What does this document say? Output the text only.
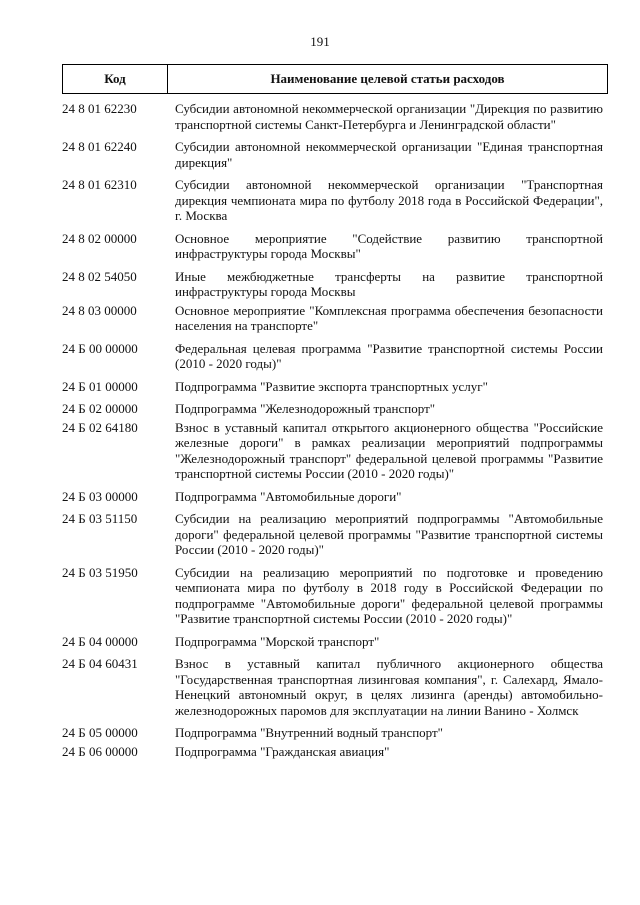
191
Код	Наименование целевой статьи расходов
24 8 01 62230	Субсидии автономной некоммерческой организации "Дирекция по развитию транспортной системы Санкт-Петербурга и Ленинградской области"
24 8 01 62240	Субсидии автономной некоммерческой организации "Единая транспортная дирекция"
24 8 01 62310	Субсидии автономной некоммерческой организации "Транспортная дирекция чемпионата мира по футболу 2018 года в Российской Федерации", г. Москва
24 8 02 00000	Основное мероприятие "Содействие развитию транспортной инфраструктуры города Москвы"
24 8 02 54050	Иные межбюджетные трансферты на развитие транспортной инфраструктуры города Москвы
24 8 03 00000	Основное мероприятие "Комплексная программа обеспечения безопасности населения на транспорте"
24 Б 00 00000	Федеральная целевая программа "Развитие транспортной системы России (2010 - 2020 годы)"
24 Б 01 00000	Подпрограмма "Развитие экспорта транспортных услуг"
24 Б 02 00000	Подпрограмма "Железнодорожный транспорт"
24 Б 02 64180	Взнос в уставный капитал открытого акционерного общества "Российские железные дороги" в рамках реализации мероприятий подпрограммы "Железнодорожный транспорт" федеральной целевой программы "Развитие транспортной системы России (2010 - 2020 годы)"
24 Б 03 00000	Подпрограмма "Автомобильные дороги"
24 Б 03 51150	Субсидии на реализацию мероприятий подпрограммы "Автомобильные дороги" федеральной целевой программы "Развитие транспортной системы России (2010 - 2020 годы)"
24 Б 03 51950	Субсидии на реализацию мероприятий по подготовке и проведению чемпионата мира по футболу в 2018 году в Российской Федерации по подпрограмме "Автомобильные дороги" федеральной целевой программы "Развитие транспортной системы России (2010 - 2020 годы)"
24 Б 04 00000	Подпрограмма "Морской транспорт"
24 Б 04 60431	Взнос в уставный капитал публичного акционерного общества "Государственная транспортная лизинговая компания", г. Салехард, Ямало-Ненецкий автономный округ, в целях лизинга (аренды) автомобильно-железнодорожных паромов для эксплуатации на линии Ванино - Холмск
24 Б 05 00000	Подпрограмма "Внутренний водный транспорт"
24 Б 06 00000	Подпрограмма "Гражданская авиация"
